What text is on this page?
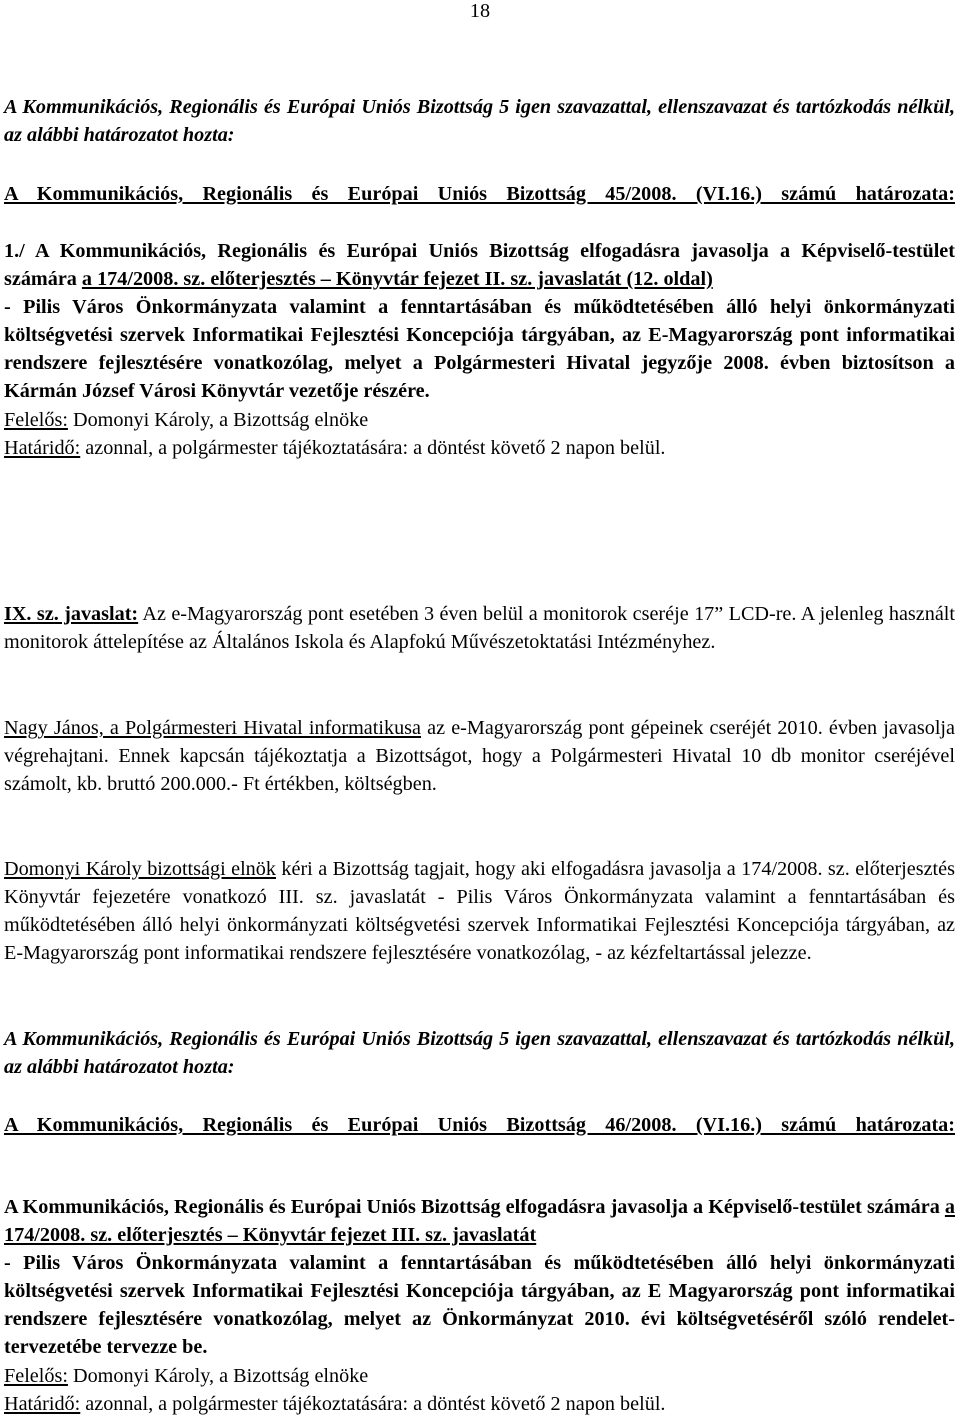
18

A Kommunikációs, Regionális és Európai Uniós Bizottság 5 igen szavazattal, ellenszavazat és tartózkodás nélkül, az alábbi határozatot hozta:

A Kommunikációs, Regionális és Európai Uniós Bizottság 45/2008. (VI.16.) számú határozata:

1./ A Kommunikációs, Regionális és Európai Uniós Bizottság elfogadásra javasolja a Képviselő-testület számára a 174/2008. sz. előterjesztés – Könyvtár fejezet II. sz. javaslatát (12. oldal)
- Pilis Város Önkormányzata valamint a fenntartásában és működtetésében álló helyi önkormányzati költségvetési szervek Informatikai Fejlesztési Koncepciója tárgyában, az E-Magyarország pont informatikai rendszere fejlesztésére vonatkozólag, melyet a Polgármesteri Hivatal jegyzője 2008. évben biztosítson a Kármán József Városi Könyvtár vezetője részére.
Felelős: Domonyi Károly, a Bizottság elnöke
Határidő: azonnal, a polgármester tájékoztatására: a döntést követő 2 napon belül.

IX. sz. javaslat: Az e-Magyarország pont esetében 3 éven belül a monitorok cseréje 17” LCD-re. A jelenleg használt monitorok áttelepítése az Általános Iskola és Alapfokú Művészetoktatási Intézményhez.

Nagy János, a Polgármesteri Hivatal informatikusa az e-Magyarország pont gépeinek cseréjét 2010. évben javasolja végrehajtani. Ennek kapcsán tájékoztatja a Bizottságot, hogy a Polgármesteri Hivatal 10 db monitor cseréjével számolt, kb. bruttó 200.000.- Ft értékben, költségben.

Domonyi Károly bizottsági elnök kéri a Bizottság tagjait, hogy aki elfogadásra javasolja a 174/2008. sz. előterjesztés Könyvtár fejezetére vonatkozó III. sz. javaslatát - Pilis Város Önkormányzata valamint a fenntartásában és működtetésében álló helyi önkormányzati költségvetési szervek Informatikai Fejlesztési Koncepciója tárgyában, az E-Magyarország pont informatikai rendszere fejlesztésére vonatkozólag, - az kézfeltartással jelezze.

A Kommunikációs, Regionális és Európai Uniós Bizottság 5 igen szavazattal, ellenszavazat és tartózkodás nélkül, az alábbi határozatot hozta:

A Kommunikációs, Regionális és Európai Uniós Bizottság 46/2008. (VI.16.) számú határozata:

A Kommunikációs, Regionális és Európai Uniós Bizottság elfogadásra javasolja a Képviselő-testület számára a 174/2008. sz. előterjesztés – Könyvtár fejezet III. sz. javaslatát
- Pilis Város Önkormányzata valamint a fenntartásában és működtetésében álló helyi önkormányzati költségvetési szervek Informatikai Fejlesztési Koncepciója tárgyában, az E Magyarország pont informatikai rendszere fejlesztésére vonatkozólag, melyet az Önkormányzat 2010. évi költségvetéséről szóló rendelet-tervezetébe tervezze be.
Felelős: Domonyi Károly, a Bizottság elnöke
Határidő: azonnal, a polgármester tájékoztatására: a döntést követő 2 napon belül.
